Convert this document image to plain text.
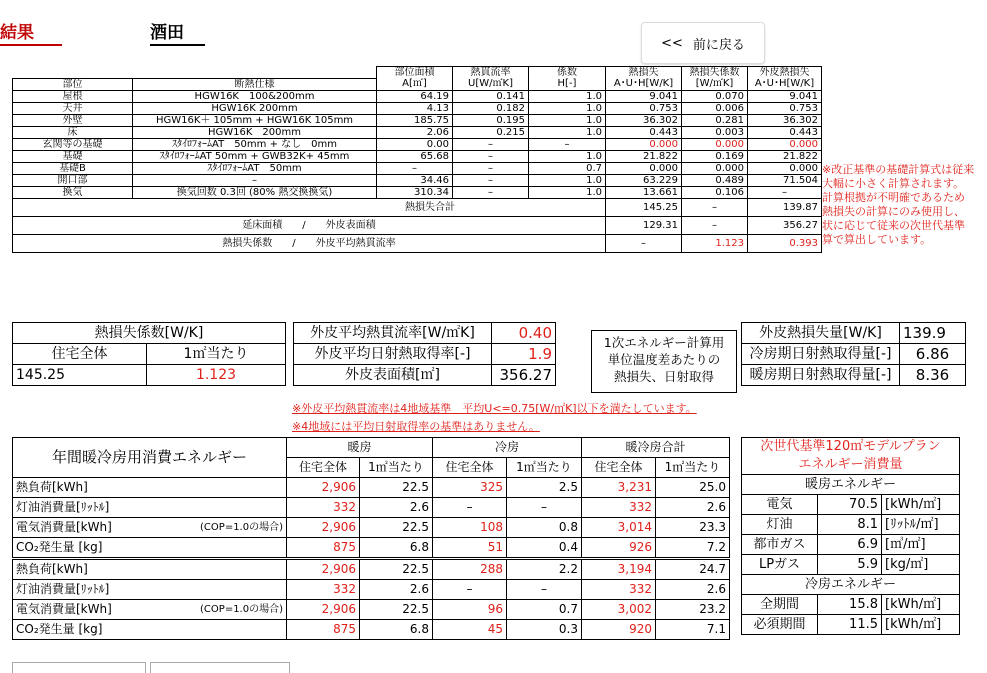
結果	酒田	<< 前に戻る
		部位面積	熱貫流率	係数	熱損失	熱損失係数	外皮熱損失
部位	断熱仕様	A[㎡]	U[W/㎡K]	H[-]	A･U･H[W/K]	[W/㎡K]	A･U･H[W/K]
屋根	HGW16K　100&200mm	64.19	0.141	1.0	9.041	0.070	9.041
天井	HGW16K 200mm	4.13	0.182	1.0	0.753	0.006	0.753
外壁	HGW16K＋ 105mm + HGW16K 105mm	185.75	0.195	1.0	36.302	0.281	36.302
床	HGW16K　200mm	2.06	0.215	1.0	0.443	0.003	0.443
玄関等の基礎	ｽﾀｲﾛﾌｫｰﾑAT　50mm + なし　0mm	0.00	–	–	0.000	0.000	0.000
基礎	ｽﾀｲﾛﾌｫｰﾑAT 50mm + GWB32K+ 45mm	65.68	–	1.0	21.822	0.169	21.822
基礎B	ｽﾀｲﾛﾌｫｰﾑAT　50mm	–	–	0.7	0.000	0.000	0.000
開口部	–	34.46	–	1.0	63.229	0.489	71.504
換気	換気回数 0.3回 (80% 熱交換換気)	310.34	–	1.0	13.661	0.106	–
熱損失合計					145.25	–	139.87
延床面積　　/　　外皮表面積					129.31	–	356.27
熱損失係数　　/　　外皮平均熱貫流率					–	1.123	0.393
※改正基準の基礎計算式は従来
大幅に小さく計算されます。
計算根拠が不明確であるため
熱損失の計算にのみ使用し、
状に応じて従来の次世代基準
算で算出しています。
熱損失係数[W/K]	
住宅全体	1㎡当たり
145.25	1.123
外皮平均熱貫流率[W/㎡K]	0.40
外皮平均日射熱取得率[-]	1.9
外皮表面積[㎡]	356.27
1次エネルギー計算用
単位温度差あたりの
熱損失、日射取得
外皮熱損失量[W/K]	139.9
冷房期日射熱取得量[-]	6.86
暖房期日射熱取得量[-]	8.36
※外皮平均熱貫流率は4地域基準　平均U<=0.75[W/㎡K]以下を満たしています。
※4地域には平均日射取得率の基準はありません。
年間暖冷房用消費エネルギー	暖房		冷房		暖冷房合計	
	住宅全体	1㎡当たり	住宅全体	1㎡当たり	住宅全体	1㎡当たり
熱負荷[kWh]	2,906	22.5	325	2.5	3,231	25.0
灯油消費量[ﾘｯﾄﾙ]	332	2.6	–	–	332	2.6
電気消費量[kWh] (COP=1.0の場合)	2,906	22.5	108	0.8	3,014	23.3
CO₂発生量 [kg]	875	6.8	51	0.4	926	7.2
熱負荷[kWh]	2,906	22.5	288	2.2	3,194	24.7
灯油消費量[ﾘｯﾄﾙ]	332	2.6	–	–	332	2.6
電気消費量[kWh] (COP=1.0の場合)	2,906	22.5	96	0.7	3,002	23.2
CO₂発生量 [kg]	875	6.8	45	0.3	920	7.1
次世代基準120㎡モデルプラン
エネルギー消費量		
暖房エネルギー		
電気	70.5	[kWh/㎡]
灯油	8.1	[ﾘｯﾄﾙ/㎡]
都市ガス	6.9	[㎥/㎡]
LPガス	5.9	[kg/㎡]
冷房エネルギー		
全期間	15.8	[kWh/㎡]
必須期間	11.5	[kWh/㎡]
